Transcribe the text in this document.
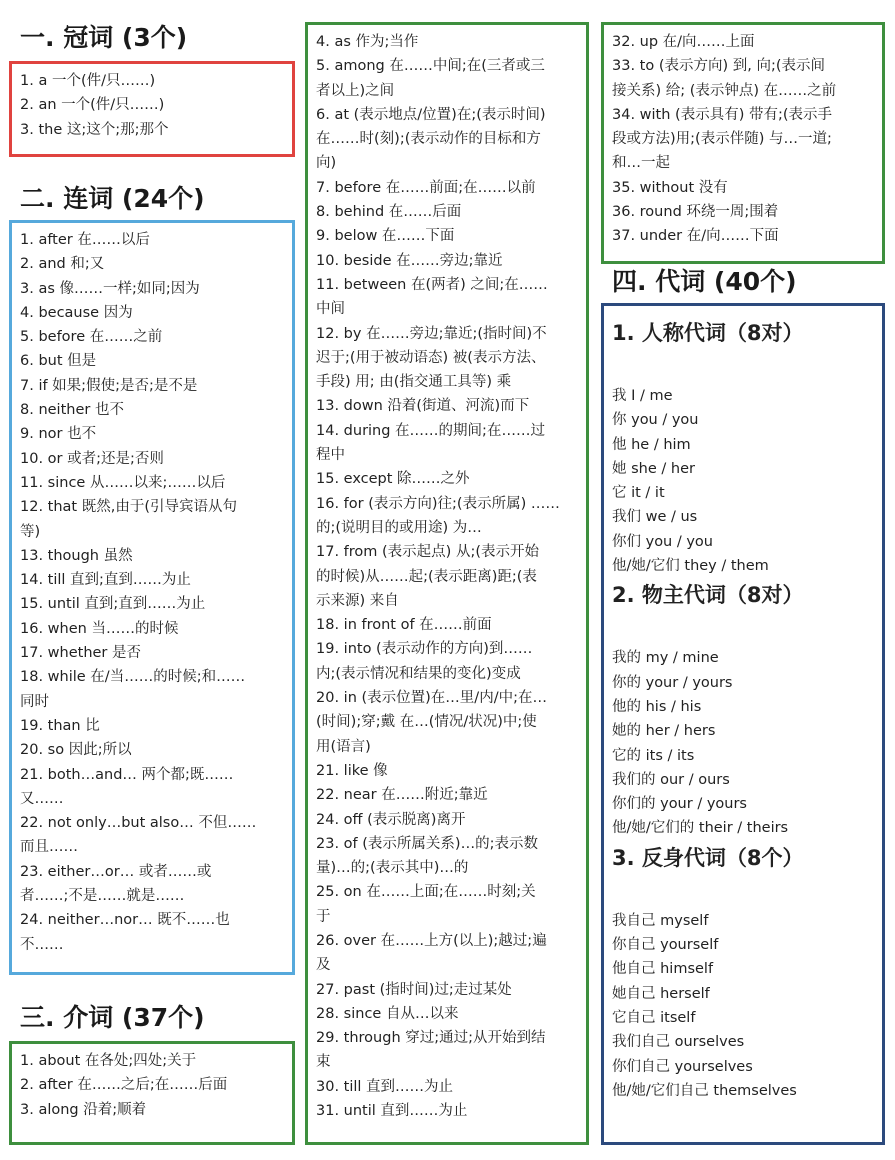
一. 冠词 (3个)
二. 连词 (24个)
三. 介词 (37个)
四. 代词 (40个)
1. a 一个(件/只……)
2. an 一个(件/只……)
3. the 这;这个;那;那个
1. after 在……以后
2. and 和;又
3. as 像……一样;如同;因为
4. because 因为
5. before 在……之前
6. but 但是
7. if 如果;假使;是否;是不是
8. neither 也不
9. nor 也不
10. or 或者;还是;否则
11. since 从……以来;……以后
12. that 既然,由于(引导宾语从句
等)
13. though 虽然
14. till 直到;直到……为止
15. until 直到;直到……为止
16. when 当……的时候
17. whether 是否
18. while 在/当……的时候;和……
同时
19. than 比
20. so 因此;所以
21. both…and… 两个都;既……
又……
22. not only…but also… 不但……
而且……
23. either…or… 或者……或
者……;不是……就是……
24. neither…nor… 既不……也
不……
1. about 在各处;四处;关于
2. after 在……之后;在……后面
3. along 沿着;顺着
4. as 作为;当作
5. among 在……中间;在(三者或三
者以上)之间
6. at (表示地点/位置)在;(表示时间)
在……时(刻);(表示动作的目标和方
向)
7. before 在……前面;在……以前
8. behind 在……后面
9. below 在……下面
10. beside 在……旁边;靠近
11. between 在(两者) 之间;在……
中间
12. by 在……旁边;靠近;(指时间)不
迟于;(用于被动语态) 被(表示方法、
手段) 用; 由(指交通工具等) 乘
13. down 沿着(街道、河流)而下
14. during 在……的期间;在……过
程中
15. except 除……之外
16. for (表示方向)往;(表示所属) ……
的;(说明目的或用途) 为…
17. from (表示起点) 从;(表示开始
的时候)从……起;(表示距离)距;(表
示来源) 来自
18. in front of 在……前面
19. into (表示动作的方向)到……
内;(表示情况和结果的变化)变成
20. in (表示位置)在…里/内/中;在…
(时间);穿;戴 在…(情况/状况)中;使
用(语言)
21. like 像
22. near 在……附近;靠近
24. off (表示脱离)离开
23. of (表示所属关系)…的;表示数
量)…的;(表示其中)…的
25. on 在……上面;在……时刻;关
于
26. over 在……上方(以上);越过;遍
及
27. past (指时间)过;走过某处
28. since 自从…以来
29. through 穿过;通过;从开始到结
束
30. till 直到……为止
31. until 直到……为止
32. up 在/向……上面
33. to (表示方向) 到, 向;(表示间
接关系) 给; (表示钟点) 在……之前
34. with (表示具有) 带有;(表示手
段或方法)用;(表示伴随) 与…一道;
和…一起
35. without 没有
36. round 环绕一周;围着
37. under 在/向……下面
1. 人称代词（8对）
我 I / me
你 you / you
他 he / him
她 she / her
它 it / it
我们 we / us
你们 you / you
他/她/它们 they / them
2. 物主代词（8对）
我的 my / mine
你的 your / yours
他的 his / his
她的 her / hers
它的 its / its
我们的 our / ours
你们的 your / yours
他/她/它们的 their / theirs
3. 反身代词（8个）
我自己 myself
你自己 yourself
他自己 himself
她自己 herself
它自己 itself
我们自己 ourselves
你们自己 yourselves
他/她/它们自己 themselves
